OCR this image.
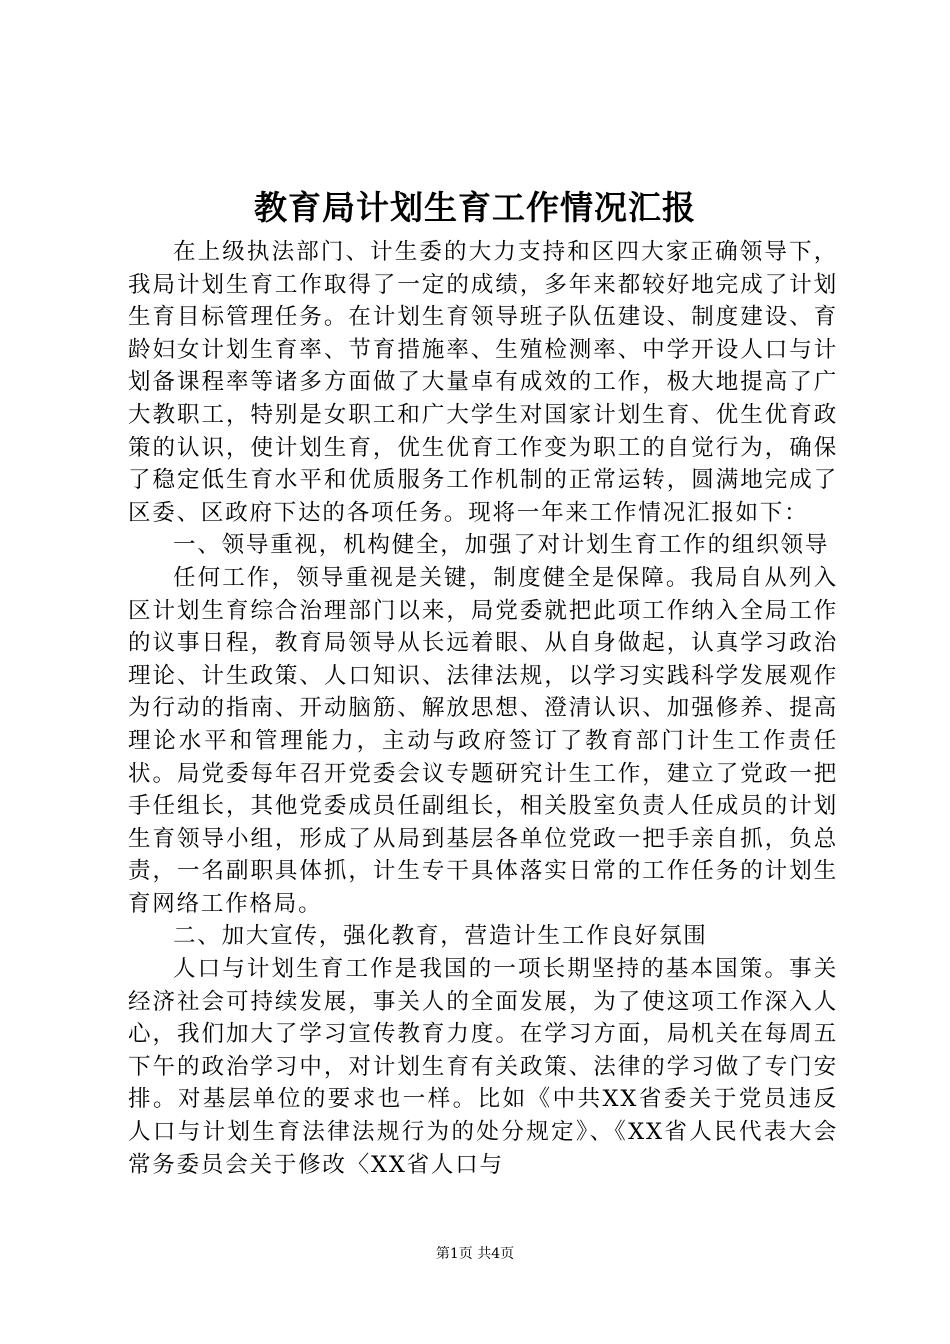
教育局计划生育工作情况汇报

在上级执法部门、计生委的大力支持和区四大家正确领导下，我局计划生育工作取得了一定的成绩，多年来都较好地完成了计划生育目标管理任务。在计划生育领导班子队伍建设、制度建设、育龄妇女计划生育率、节育措施率、生殖检测率、中学开设人口与计划备课程率等诸多方面做了大量卓有成效的工作，极大地提高了广大教职工，特别是女职工和广大学生对国家计划生育、优生优育政策的认识，使计划生育，优生优育工作变为职工的自觉行为，确保了稳定低生育水平和优质服务工作机制的正常运转，圆满地完成了区委、区政府下达的各项任务。现将一年来工作情况汇报如下：

一、领导重视，机构健全，加强了对计划生育工作的组织领导

任何工作，领导重视是关键，制度健全是保障。我局自从列入区计划生育综合治理部门以来，局党委就把此项工作纳入全局工作的议事日程，教育局领导从长远着眼、从自身做起，认真学习政治理论、计生政策、人口知识、法律法规，以学习实践科学发展观作为行动的指南、开动脑筋、解放思想、澄清认识、加强修养、提高理论水平和管理能力，主动与政府签订了教育部门计生工作责任状。局党委每年召开党委会议专题研究计生工作，建立了党政一把手任组长，其他党委成员任副组长，相关股室负责人任成员的计划生育领导小组，形成了从局到基层各单位党政一把手亲自抓，负总责，一名副职具体抓，计生专干具体落实日常的工作任务的计划生育网络工作格局。

二、加大宣传，强化教育，营造计生工作良好氛围

人口与计划生育工作是我国的一项长期坚持的基本国策。事关经济社会可持续发展，事关人的全面发展，为了使这项工作深入人心，我们加大了学习宣传教育力度。在学习方面，局机关在每周五下午的政治学习中，对计划生育有关政策、法律的学习做了专门安排。对基层单位的要求也一样。比如《中共XX省委关于党员违反人口与计划生育法律法规行为的处分规定》、《XX省人民代表大会常务委员会关于修改〈XX省人口与

第1页 共4页
